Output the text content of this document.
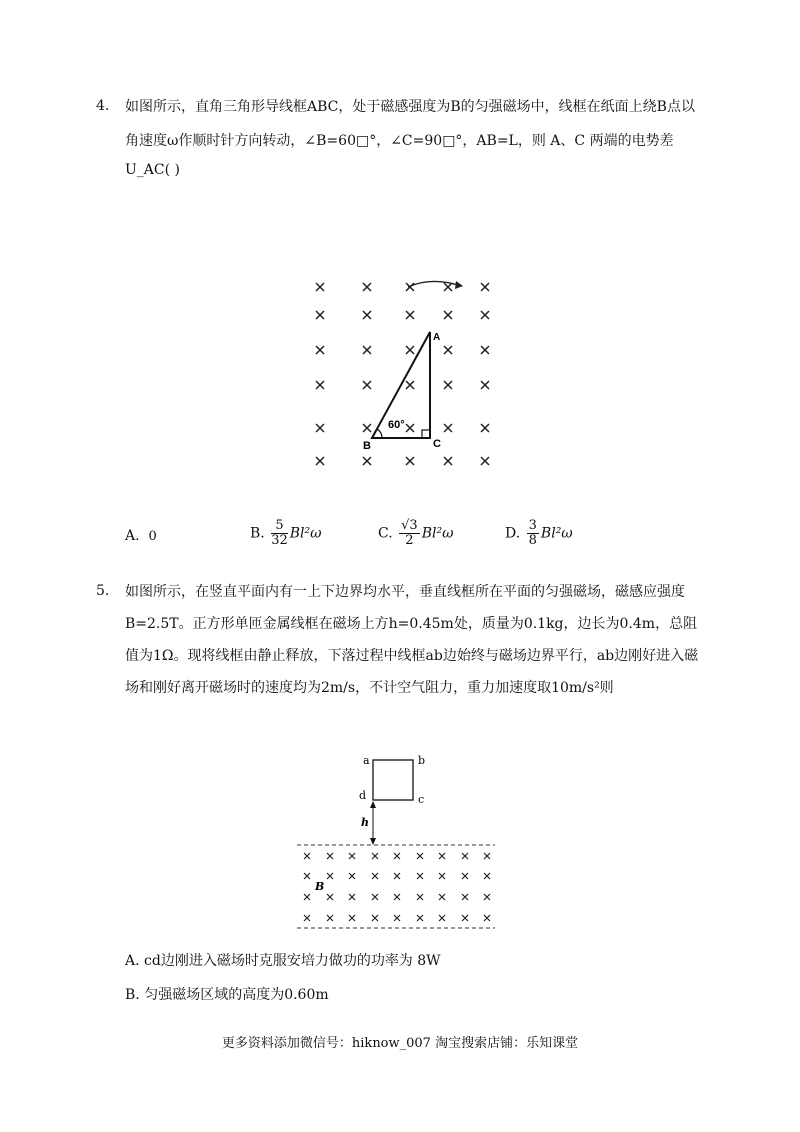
4. 如图所示，直角三角形导线框ABC，处于磁感强度为B的匀强磁场中，线框在纸面上绕B点以
角速度ω作顺时针方向转动，∠B=60□°，∠C=90□°，AB=L，则 A、C 两端的电势差
U_AC( )
A
B	C
60°
A. 0	B. $\frac{5}{32} Bl^2\omega$	C. $\frac{√3}{2} Bl^2\omega$	D. $\frac{3}{8} Bl^2\omega$
5. 如图所示，在竖直平面内有一上下边界均水平，垂直线框所在平面的匀强磁场，磁感应强度
B=2.5T。正方形单匝金属线框在磁场上方h=0.45m处，质量为0.1kg，边长为0.4m，总阻
值为1Ω。现将线框由静止释放，下落过程中线框ab边始终与磁场边界平行，ab边刚好进入磁
场和刚好离开磁场时的速度均为2m/s，不计空气阻力，重力加速度取10m/s²则
a	b
c
d
h
B
A. cd边刚进入磁场时克服安培力做功的功率为 8W
B. 匀强磁场区域的高度为0.60m
更多资料添加微信号：hiknow_007 淘宝搜索店铺：乐知课堂
